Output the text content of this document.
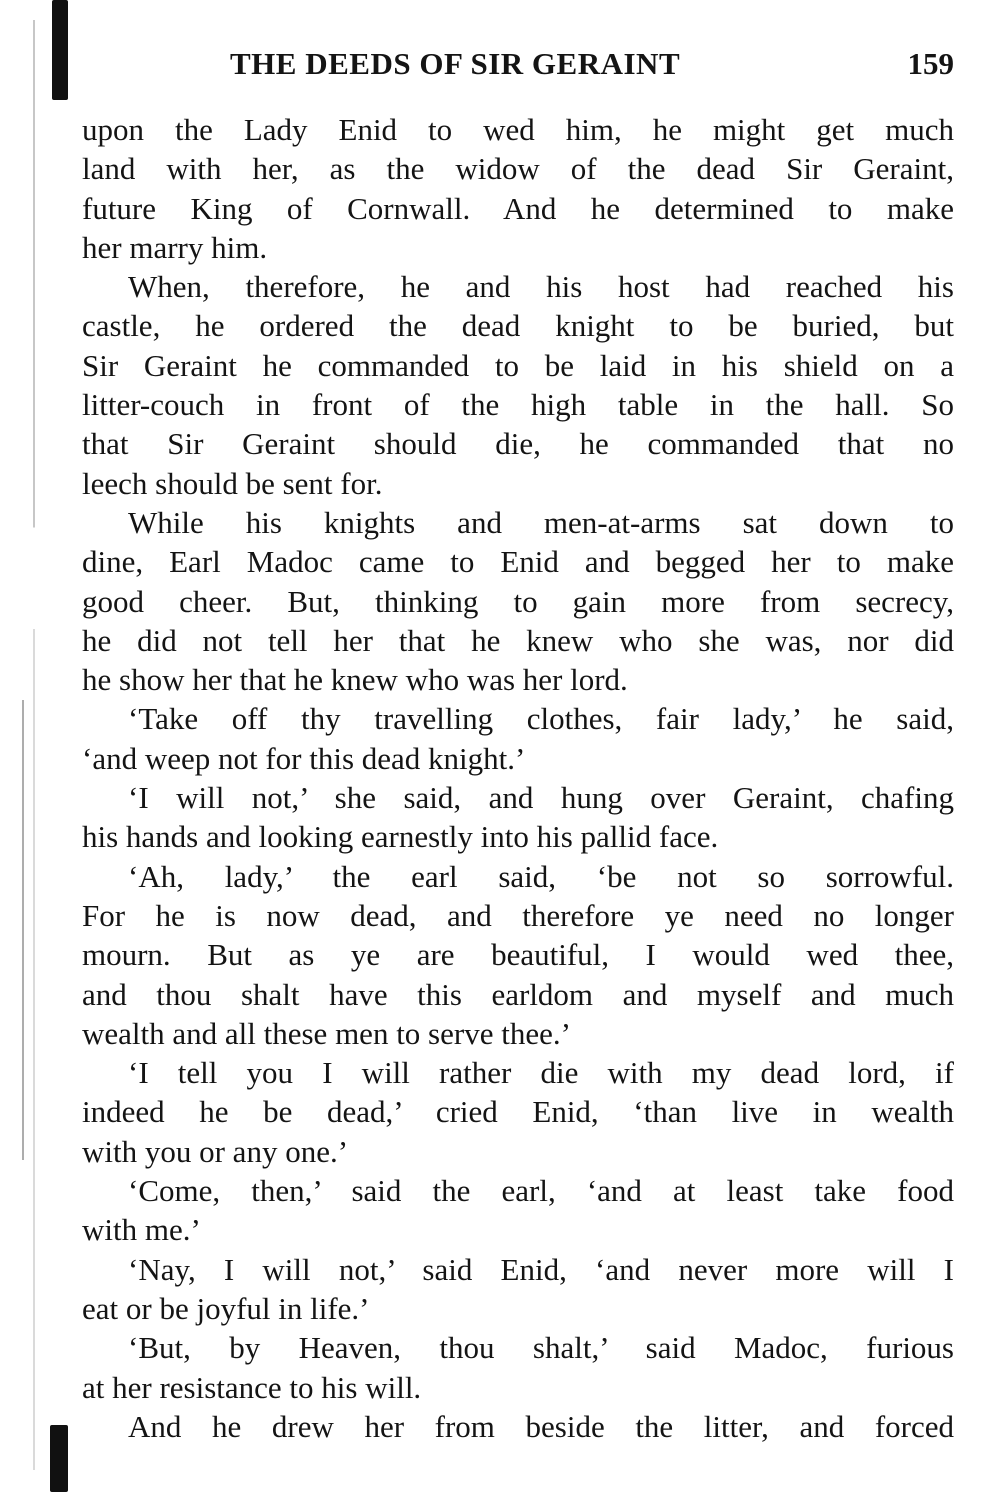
THE DEEDS OF SIR GERAINT	159
upon the Lady Enid to wed him, he might get much
land with her, as the widow of the dead Sir Geraint,
future King of Cornwall. And he determined to make
her marry him.
When, therefore, he and his host had reached his
castle, he ordered the dead knight to be buried, but
Sir Geraint he commanded to be laid in his shield on a
litter-couch in front of the high table in the hall. So
that Sir Geraint should die, he commanded that no
leech should be sent for.
While his knights and men-at-arms sat down to
dine, Earl Madoc came to Enid and begged her to make
good cheer. But, thinking to gain more from secrecy,
he did not tell her that he knew who she was, nor did
he show her that he knew who was her lord.
‘Take off thy travelling clothes, fair lady,’ he said,
‘and weep not for this dead knight.’
‘I will not,’ she said, and hung over Geraint, chafing
his hands and looking earnestly into his pallid face.
‘Ah, lady,’ the earl said, ‘be not so sorrowful.
For he is now dead, and therefore ye need no longer
mourn. But as ye are beautiful, I would wed thee,
and thou shalt have this earldom and myself and much
wealth and all these men to serve thee.’
‘I tell you I will rather die with my dead lord, if
indeed he be dead,’ cried Enid, ‘than live in wealth
with you or any one.’
‘Come, then,’ said the earl, ‘and at least take food
with me.’
‘Nay, I will not,’ said Enid, ‘and never more will I
eat or be joyful in life.’
‘But, by Heaven, thou shalt,’ said Madoc, furious
at her resistance to his will.
And he drew her from beside the litter, and forced
